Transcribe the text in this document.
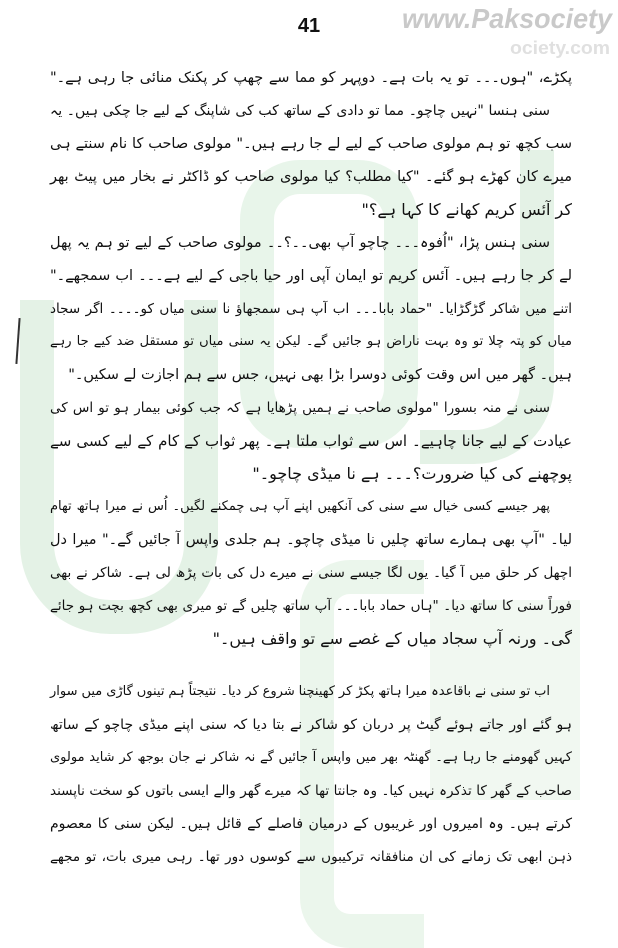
www.Paksociety
ociety.com
41
پکڑے، "ہوں۔۔۔ تو یہ بات ہے۔ دوپہر کو مما سے چھپ کر پکنک منائی جا رہی ہے۔"
سنی ہنسا "نہیں چاچو۔ مما تو دادی کے ساتھ کب کی شاپنگ کے لیے جا چکی ہیں۔ یہ
سب کچھ تو ہم مولوی صاحب کے لیے لے جا رہے ہیں۔" مولوی صاحب کا نام سنتے ہی
میرے کان کھڑے ہو گئے۔ "کیا مطلب؟ کیا مولوی صاحب کو ڈاکٹر نے بخار میں پیٹ بھر
کر آئس کریم کھانے کا کہا ہے؟"
سنی ہنس پڑا، "اُفوہ۔۔۔ چاچو آپ بھی۔۔؟۔۔ مولوی صاحب کے لیے تو ہم یہ پھل
لے کر جا رہے ہیں۔ آئس کریم تو ایمان آپی اور حیا باجی کے لیے ہے۔۔۔ اب سمجھے۔"
اتنے میں شاکر گڑگڑایا۔ "حماد بابا۔۔۔ اب آپ ہی سمجھاؤ نا سنی میاں کو۔۔۔۔ اگر سجاد
میاں کو پتہ چلا تو وہ بہت ناراض ہو جائیں گے۔ لیکن یہ سنی میاں تو مستقل ضد کیے جا رہے
ہیں۔ گھر میں اس وقت کوئی دوسرا بڑا بھی نہیں، جس سے ہم اجازت لے سکیں۔"
سنی نے منہ بسورا "مولوی صاحب نے ہمیں پڑھایا ہے کہ جب کوئی بیمار ہو تو اس کی
عیادت کے لیے جانا چاہیے۔ اس سے ثواب ملتا ہے۔ پھر ثواب کے کام کے لیے کسی سے
پوچھنے کی کیا ضرورت؟۔۔۔ ہے نا میڈی چاچو۔"
پھر جیسے کسی خیال سے سنی کی آنکھیں اپنے آپ ہی چمکنے لگیں۔ اُس نے میرا ہاتھ تھام
لیا۔ "آپ بھی ہمارے ساتھ چلیں نا میڈی چاچو۔ ہم جلدی واپس آ جائیں گے۔" میرا دل
اچھل کر حلق میں آ گیا۔ یوں لگا جیسے سنی نے میرے دل کی بات پڑھ لی ہے۔ شاکر نے بھی
فوراً سنی کا ساتھ دیا۔ "ہاں حماد بابا۔۔۔ آپ ساتھ چلیں گے تو میری بھی کچھ بچت ہو جائے
گی۔ ورنہ آپ سجاد میاں کے غصے سے تو واقف ہیں۔"
اب تو سنی نے باقاعدہ میرا ہاتھ پکڑ کر کھینچنا شروع کر دیا۔ نتیجتاً ہم تینوں گاڑی میں سوار
ہو گئے اور جاتے ہوئے گیٹ پر دربان کو شاکر نے بتا دیا کہ سنی اپنے میڈی چاچو کے ساتھ
کہیں گھومنے جا رہا ہے۔ گھنٹہ بھر میں واپس آ جائیں گے نہ شاکر نے جان بوجھ کر شاید مولوی
صاحب کے گھر کا تذکرہ نہیں کیا۔ وہ جانتا تھا کہ میرے گھر والے ایسی باتوں کو سخت ناپسند
کرتے ہیں۔ وہ امیروں اور غریبوں کے درمیان فاصلے کے قائل ہیں۔ لیکن سنی کا معصوم
ذہن ابھی تک زمانے کی ان منافقانہ ترکیبوں سے کوسوں دور تھا۔ رہی میری بات، تو مجھے
